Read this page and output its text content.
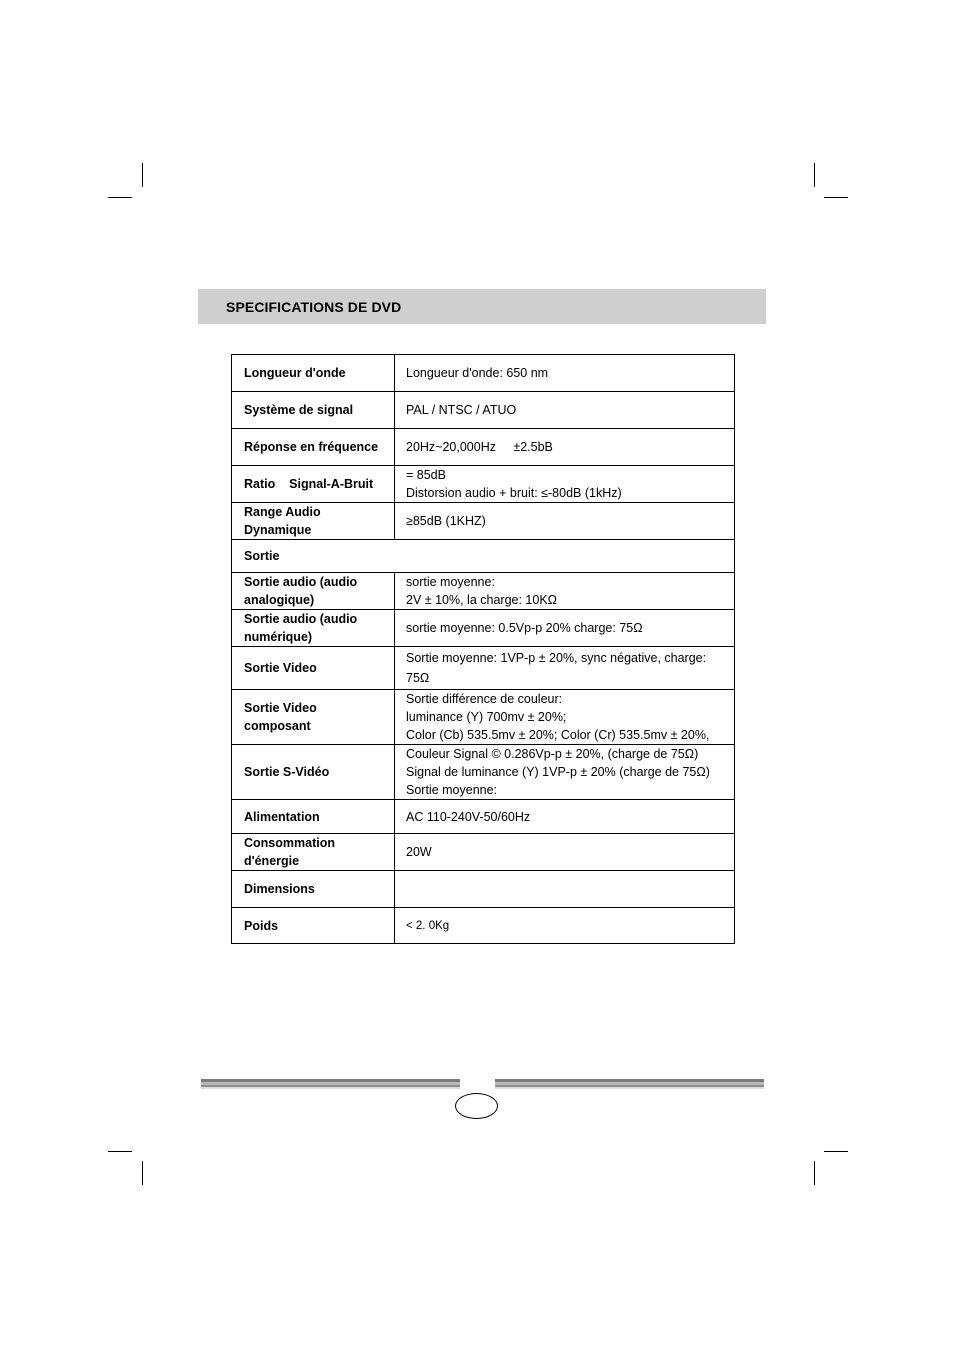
SPECIFICATIONS DE DVD
Longueur d'onde	Longueur d'onde: 650 nm

Système de signal	PAL / NTSC / ATUO

Réponse en fréquence	20Hz~20,000Hz     ±2.5bB

Ratio    Signal-A-Bruit	= 85dB
Distorsion audio + bruit: ≤-80dB (1kHz)

Range Audio Dynamique	≥85dB (1KHZ)

Sortie	
Sortie audio (audio analogique)	sortie moyenne:
2V ± 10%, la charge: 10KΩ

Sortie audio (audio numérique)	sortie moyenne: 0.5Vp-p 20% charge: 75Ω

Sortie Video	Sortie moyenne: 1VP-p ± 20%, sync négative, charge:
75Ω

Sortie Video composant	Sortie différence de couleur:
luminance (Y) 700mv ± 20%;
Color (Cb) 535.5mv ± 20%; Color (Cr) 535.5mv ± 20%,

Sortie S-Vidéo	Couleur Signal © 0.286Vp-p ± 20%, (charge de 75Ω)
Signal de luminance (Y) 1VP-p ± 20% (charge de 75Ω)
Sortie moyenne:

Alimentation	AC 110-240V-50/60Hz

Consommation d'énergie	20W

Dimensions	
Poids	< 2. 0Kg
